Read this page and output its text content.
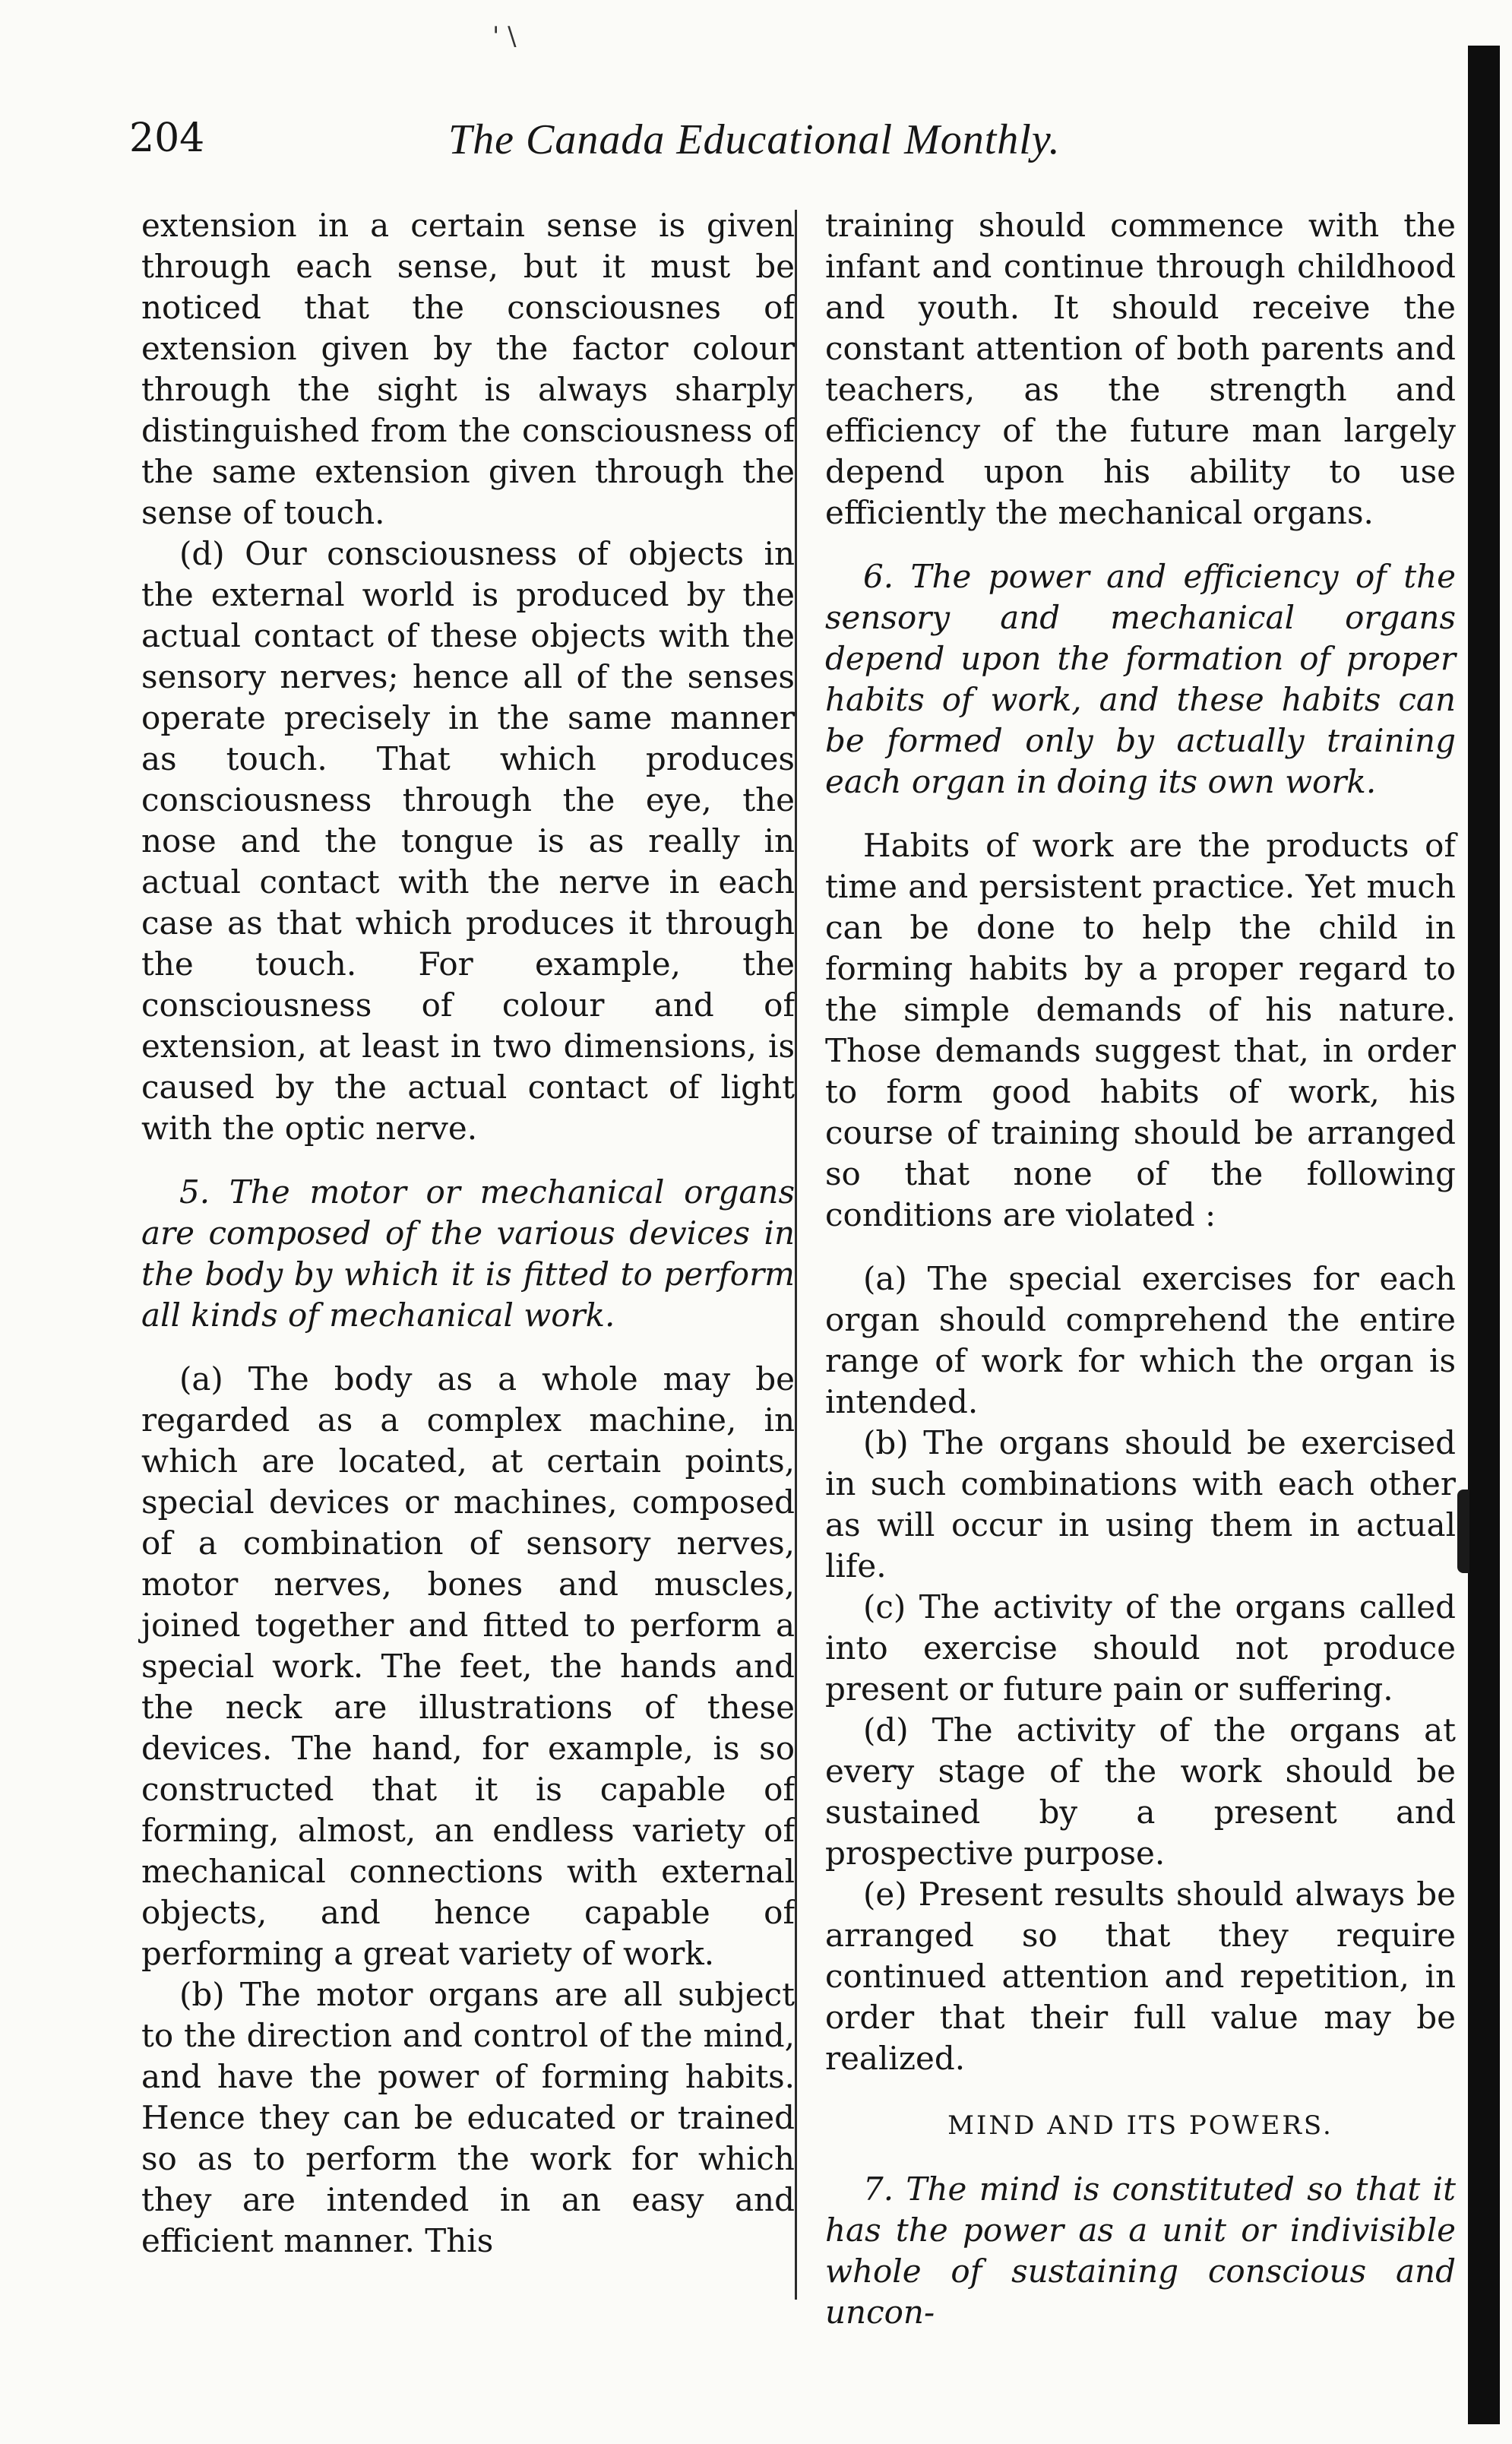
' \
204	The Canada Educational Monthly.

extension in a certain sense is given through each sense, but it must be noticed that the consciousnes of extension given by the factor colour through the sight is always sharply distinguished from the consciousness of the same extension given through the sense of touch.

(d) Our consciousness of objects in the external world is produced by the actual contact of these objects with the sensory nerves; hence all of the senses operate precisely in the same manner as touch. That which produces consciousness through the eye, the nose and the tongue is as really in actual contact with the nerve in each case as that which produces it through the touch. For example, the consciousness of colour and of extension, at least in two dimensions, is caused by the actual contact of light with the optic nerve.

5. The motor or mechanical organs are composed of the various devices in the body by which it is fitted to perform all kinds of mechanical work.

(a) The body as a whole may be regarded as a complex machine, in which are located, at certain points, special devices or machines, composed of a combination of sensory nerves, motor nerves, bones and muscles, joined together and fitted to perform a special work. The feet, the hands and the neck are illustrations of these devices. The hand, for example, is so constructed that it is capable of forming, almost, an endless variety of mechanical connections with external objects, and hence capable of performing a great variety of work.

(b) The motor organs are all subject to the direction and control of the mind, and have the power of forming habits. Hence they can be educated or trained so as to perform the work for which they are intended in an easy and efficient manner. This

training should commence with the infant and continue through childhood and youth. It should receive the constant attention of both parents and teachers, as the strength and efficiency of the future man largely depend upon his ability to use efficiently the mechanical organs.

6. The power and efficiency of the sensory and mechanical organs depend upon the formation of proper habits of work, and these habits can be formed only by actually training each organ in doing its own work.

Habits of work are the products of time and persistent practice. Yet much can be done to help the child in forming habits by a proper regard to the simple demands of his nature. Those demands suggest that, in order to form good habits of work, his course of training should be arranged so that none of the following conditions are violated :

(a) The special exercises for each organ should comprehend the entire range of work for which the organ is intended.

(b) The organs should be exercised in such combinations with each other as will occur in using them in actual life.

(c) The activity of the organs called into exercise should not produce present or future pain or suffering.

(d) The activity of the organs at every stage of the work should be sustained by a present and prospective purpose.

(e) Present results should always be arranged so that they require continued attention and repetition, in order that their full value may be realized.

MIND AND ITS POWERS.

7. The mind is constituted so that it has the power as a unit or indivisible whole of sustaining conscious and uncon-
